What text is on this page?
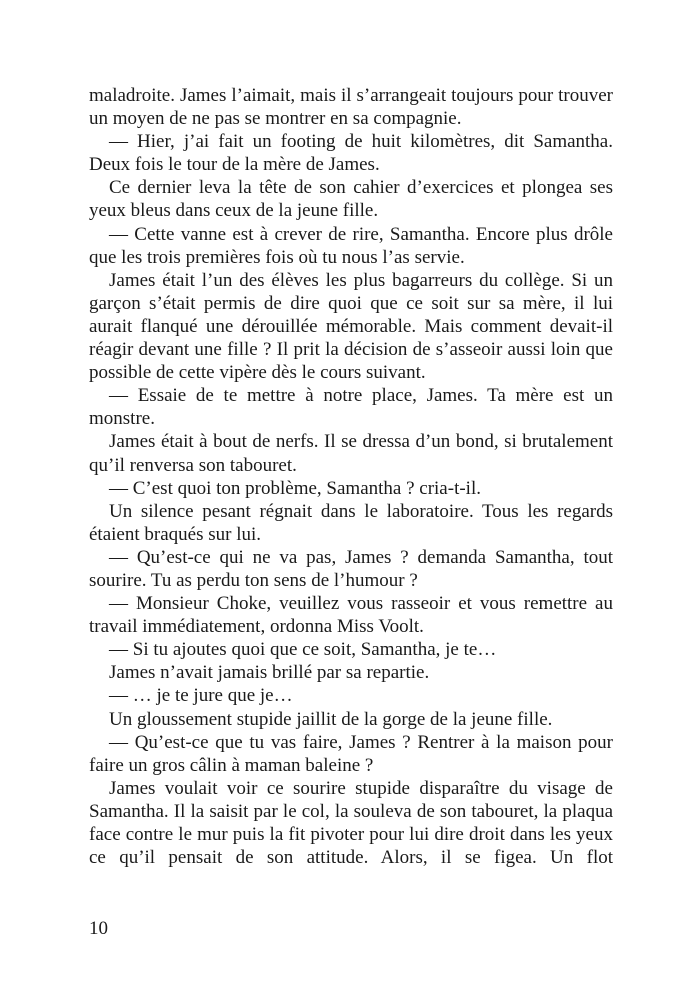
maladroite. James l’aimait, mais il s’arrangeait toujours pour trouver un moyen de ne pas se montrer en sa compagnie.

— Hier, j’ai fait un footing de huit kilomètres, dit Samantha. Deux fois le tour de la mère de James.

Ce dernier leva la tête de son cahier d’exercices et plongea ses yeux bleus dans ceux de la jeune fille.

— Cette vanne est à crever de rire, Samantha. Encore plus drôle que les trois premières fois où tu nous l’as servie.

James était l’un des élèves les plus bagarreurs du collège. Si un garçon s’était permis de dire quoi que ce soit sur sa mère, il lui aurait flanqué une dérouillée mémorable. Mais comment devait-il réagir devant une fille ? Il prit la décision de s’asseoir aussi loin que possible de cette vipère dès le cours suivant.

— Essaie de te mettre à notre place, James. Ta mère est un monstre.

James était à bout de nerfs. Il se dressa d’un bond, si brutalement qu’il renversa son tabouret.

— C’est quoi ton problème, Samantha ? cria-t-il.

Un silence pesant régnait dans le laboratoire. Tous les regards étaient braqués sur lui.

— Qu’est-ce qui ne va pas, James ? demanda Samantha, tout sourire. Tu as perdu ton sens de l’humour ?

— Monsieur Choke, veuillez vous rasseoir et vous remettre au travail immédiatement, ordonna Miss Voolt.

— Si tu ajoutes quoi que ce soit, Samantha, je te…

James n’avait jamais brillé par sa repartie.

— … je te jure que je…

Un gloussement stupide jaillit de la gorge de la jeune fille.

— Qu’est-ce que tu vas faire, James ? Rentrer à la maison pour faire un gros câlin à maman baleine ?

James voulait voir ce sourire stupide disparaître du visage de Samantha. Il la saisit par le col, la souleva de son tabouret, la plaqua face contre le mur puis la fit pivoter pour lui dire droit dans les yeux ce qu’il pensait de son attitude. Alors, il se figea. Un flot

10
